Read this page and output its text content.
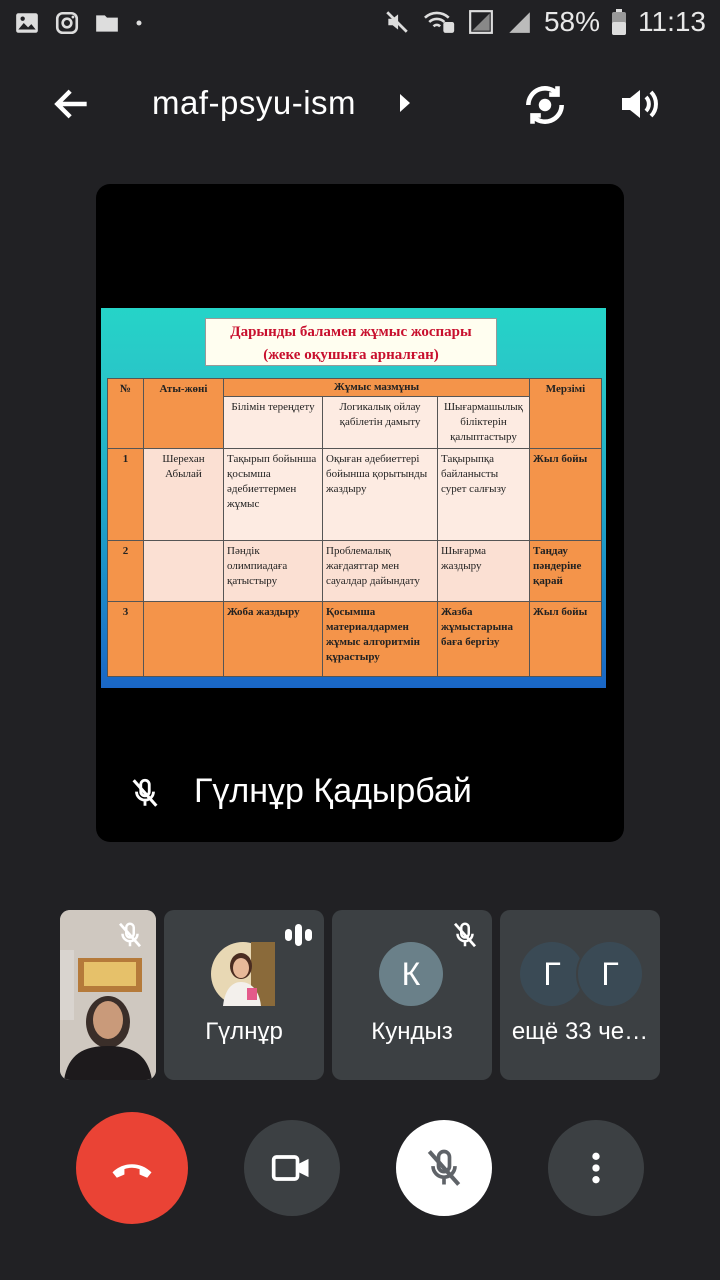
58% 11:13
maf-psyu-ism
Дарынды баламен жұмыс жоспары
(жеке оқушыға арналған)
№	Аты-жөні	Жұмыс мазмұны			Мерзімі
		Білімін тереңдету	Логикалық ойлау қабілетін дамыту	Шығармашылық біліктерін қалыптастыру	
1	Шерехан Абылай	Тақырып бойынша қосымша әдебиеттермен жұмыс	Оқыған әдебиеттері бойынша қорытынды жаздыру	Тақырыпқа байланысты сурет салғызу	Жыл бойы
2		Пәндік олимпиадаға қатыстыру	Проблемалық жағдаяттар мен сауалдар дайындату	Шығарма жаздыру	Таңдау пәндеріне қарай
3		Жоба жаздыру	Қосымша материалдармен жұмыс алгоритмін құрастыру	Жазба жұмыстарына баға бергізу	Жыл бойы
Гүлнұр Қадырбай
Гүлнұр
К
Кундыз
Г	Г
ещё 33 че…
